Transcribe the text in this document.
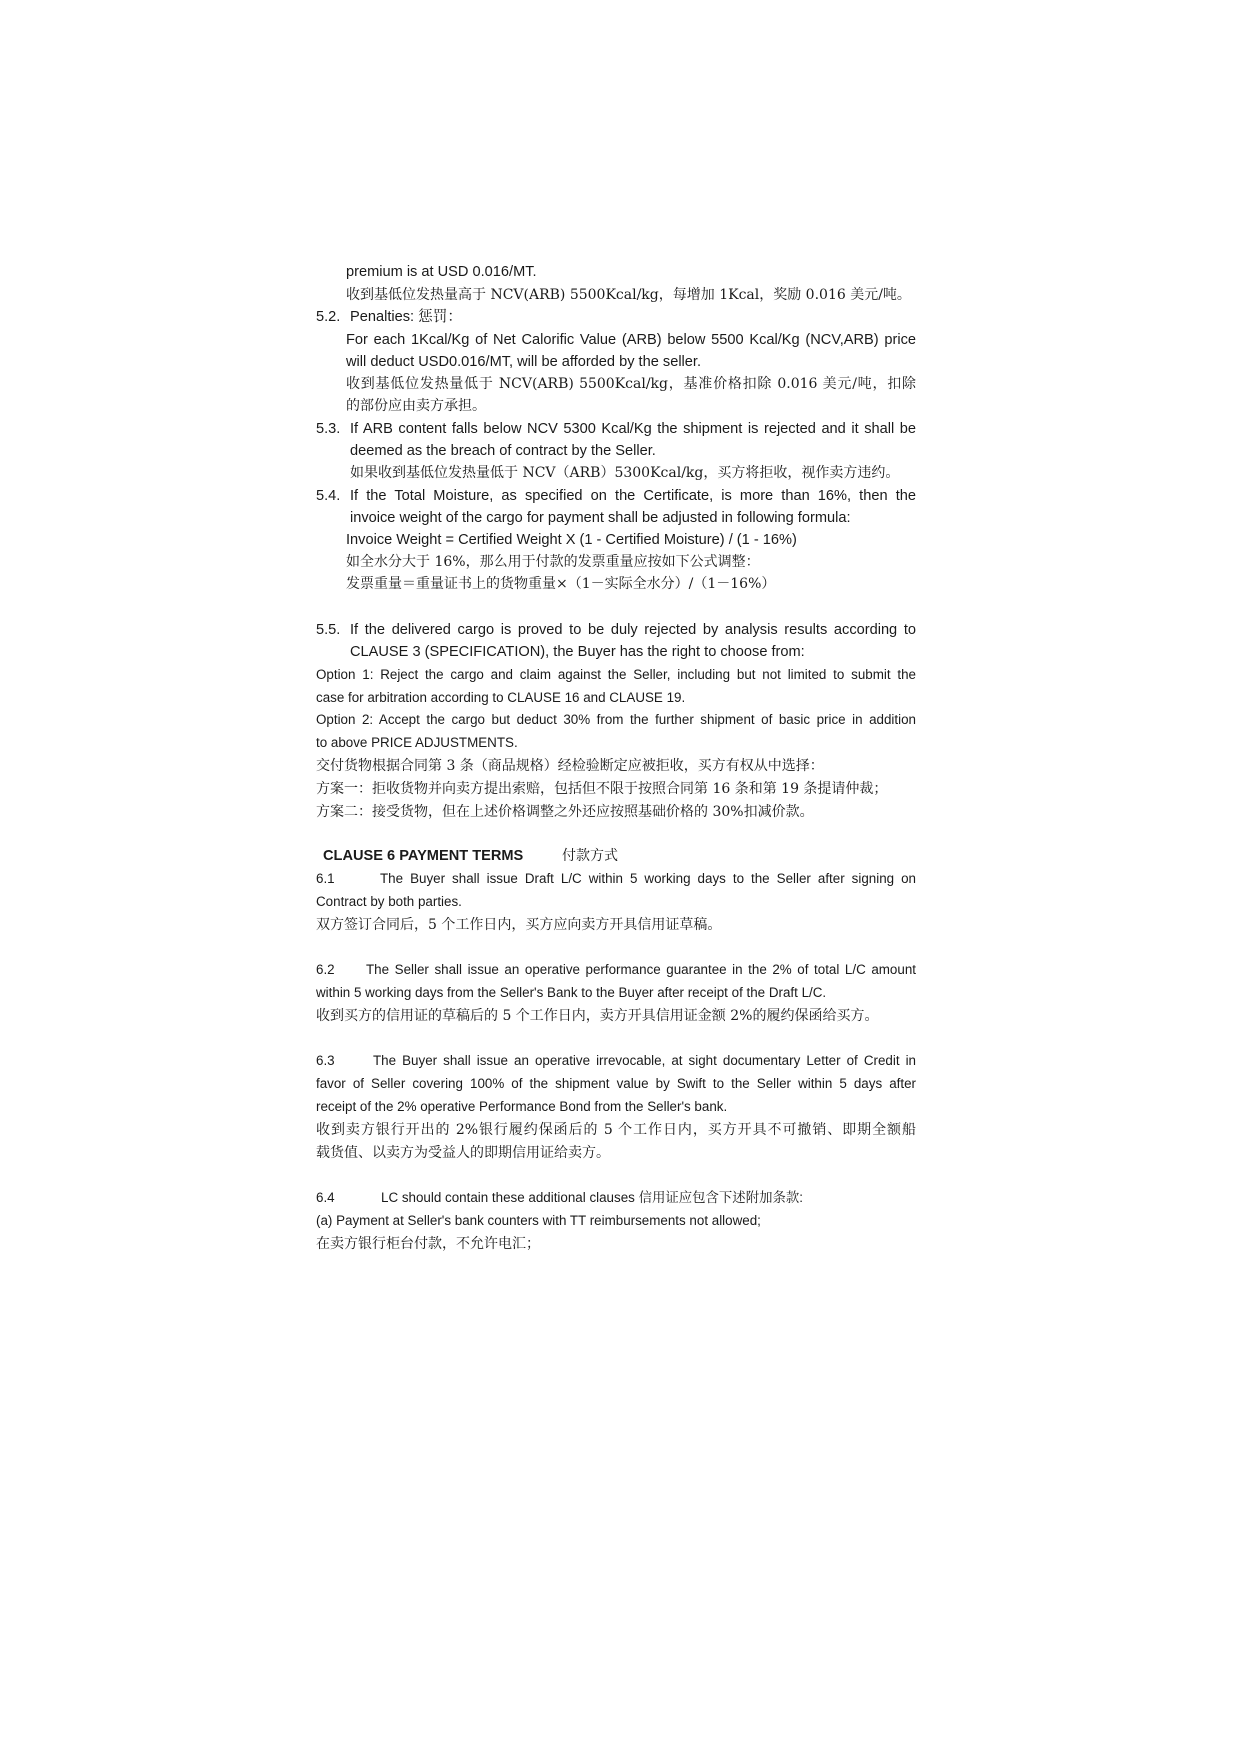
premium is at USD 0.016/MT.
收到基低位发热量高于 NCV(ARB) 5500Kcal/kg，每增加 1Kcal，奖励 0.016 美元/吨。
5.2. Penalties: 惩罚：
For each 1Kcal/Kg of Net Calorific Value (ARB) below 5500 Kcal/Kg (NCV,ARB) price
will deduct USD0.016/MT, will be afforded by the seller.
收到基低位发热量低于 NCV(ARB) 5500Kcal/kg，基准价格扣除 0.016 美元/吨，扣除
的部份应由卖方承担。
5.3. If ARB content falls below NCV 5300 Kcal/Kg the shipment is rejected and it shall be
deemed as the breach of contract by the Seller.
如果收到基低位发热量低于 NCV（ARB）5300Kcal/kg，买方将拒收，视作卖方违约。
5.4. If the Total Moisture, as specified on the Certificate, is more than 16%, then the
invoice weight of the cargo for payment shall be adjusted in following formula:
Invoice Weight = Certified Weight X (1 - Certified Moisture) / (1 - 16%)
如全水分大于 16%，那么用于付款的发票重量应按如下公式调整：
发票重量＝重量证书上的货物重量×（1－实际全水分）/（1－16%）
5.5. If the delivered cargo is proved to be duly rejected by analysis results according to
CLAUSE 3 (SPECIFICATION), the Buyer has the right to choose from:
Option 1: Reject the cargo and claim against the Seller, including but not limited to submit the
case for arbitration according to CLAUSE 16 and CLAUSE 19.
Option 2: Accept the cargo but deduct 30% from the further shipment of basic price in addition
to above PRICE ADJUSTMENTS.
交付货物根据合同第 3 条（商品规格）经检验断定应被拒收，买方有权从中选择：
方案一：拒收货物并向卖方提出索赔，包括但不限于按照合同第 16 条和第 19 条提请仲裁；
方案二：接受货物，但在上述价格调整之外还应按照基础价格的 30%扣减价款。
CLAUSE 6 PAYMENT TERMS	付款方式
6.1	The Buyer shall issue Draft L/C within 5 working days to the Seller after signing on
Contract by both parties.
双方签订合同后，5 个工作日内，买方应向卖方开具信用证草稿。
6.2 The Seller shall issue an operative performance guarantee in the 2% of total L/C amount
within 5 working days from the Seller's Bank to the Buyer after receipt of the Draft L/C.
收到买方的信用证的草稿后的 5 个工作日内，卖方开具信用证金额 2%的履约保函给买方。
6.3	The Buyer shall issue an operative irrevocable, at sight documentary Letter of Credit in
favor of Seller covering 100% of the shipment value by Swift to the Seller within 5 days after
receipt of the 2% operative Performance Bond from the Seller's bank.
收到卖方银行开出的 2%银行履约保函后的 5 个工作日内，买方开具不可撤销、即期全额船
载货值、以卖方为受益人的即期信用证给卖方。
6.4	LC should contain these additional clauses 信用证应包含下述附加条款:
(a) Payment at Seller's bank counters with TT reimbursements not allowed;
在卖方银行柜台付款，不允许电汇；
